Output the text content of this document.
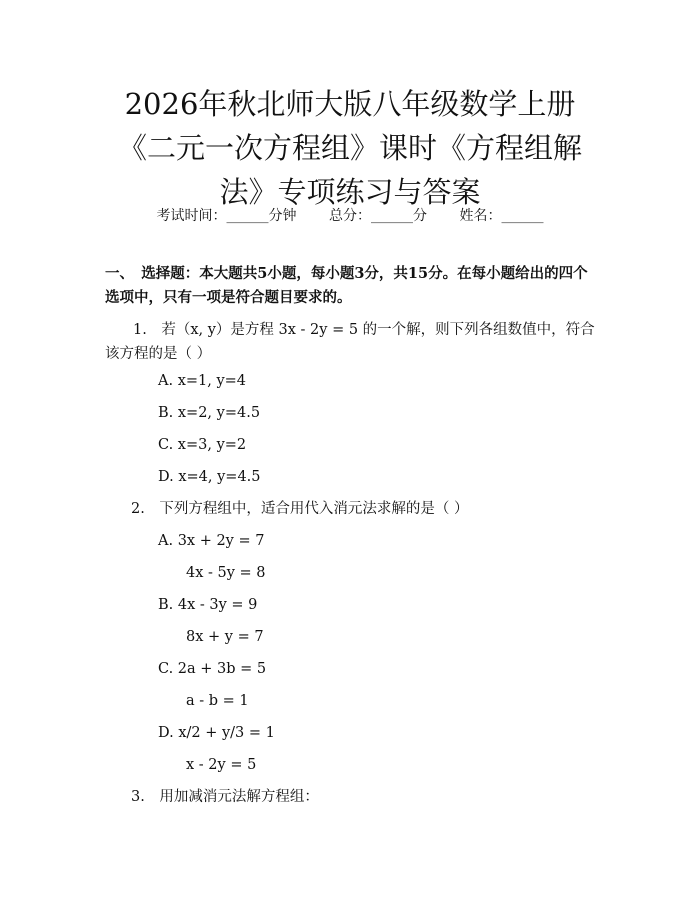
2026年秋北师大版八年级数学上册《二元一次方程组》课时《方程组解法》专项练习与答案
考试时间：______分钟 总分：______分 姓名：______
一、　选择题：本大题共5小题，每小题3分，共15分。在每小题给出的四个选项中，只有一项是符合题目要求的。
1.　若（x, y）是方程 3x - 2y = 5 的一个解，则下列各组数值中，符合该方程的是（ ）
A. x=1, y=4
B. x=2, y=4.5
C. x=3, y=2
D. x=4, y=4.5
2.　下列方程组中，适合用代入消元法求解的是（ ）
A. 3x + 2y = 7
4x - 5y = 8
B. 4x - 3y = 9
8x + y = 7
C. 2a + 3b = 5
a - b = 1
D. x/2 + y/3 = 1
x - 2y = 5
3.　用加减消元法解方程组：
